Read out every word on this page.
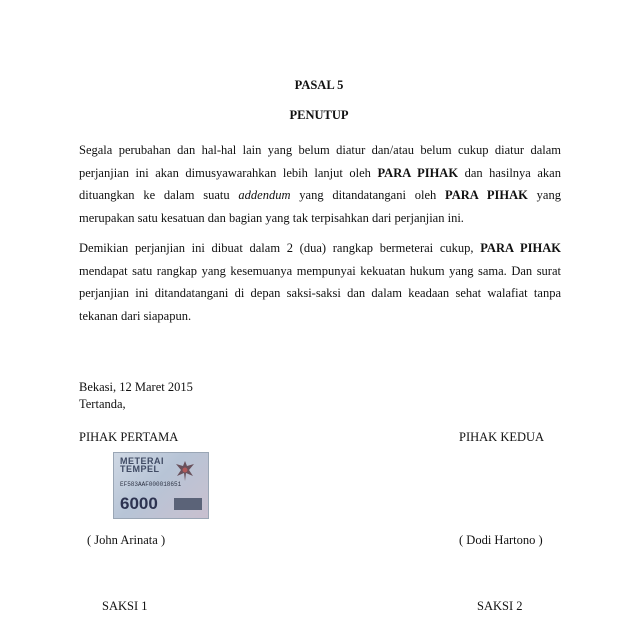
PASAL 5
PENUTUP
Segala perubahan dan hal-hal lain yang belum diatur dan/atau belum cukup diatur dalam perjanjian ini akan dimusyawarahkan lebih lanjut oleh PARA PIHAK dan hasilnya akan dituangkan ke dalam suatu addendum yang ditandatangani oleh PARA PIHAK yang merupakan satu kesatuan dan bagian yang tak terpisahkan dari perjanjian ini.
Demikian perjanjian ini dibuat dalam 2 (dua) rangkap bermeterai cukup, PARA PIHAK mendapat satu rangkap yang kesemuanya mempunyai kekuatan hukum yang sama. Dan surat perjanjian ini ditandatangani di depan saksi-saksi dan dalam keadaan sehat walafiat tanpa tekanan dari siapapun.
Bekasi, 12 Maret 2015
Tertanda,
PIHAK PERTAMA	PIHAK KEDUA
METERAI
TEMPEL
EF583AAF000018651
6000
( John Arinata )	( Dodi Hartono )
SAKSI 1	SAKSI 2
